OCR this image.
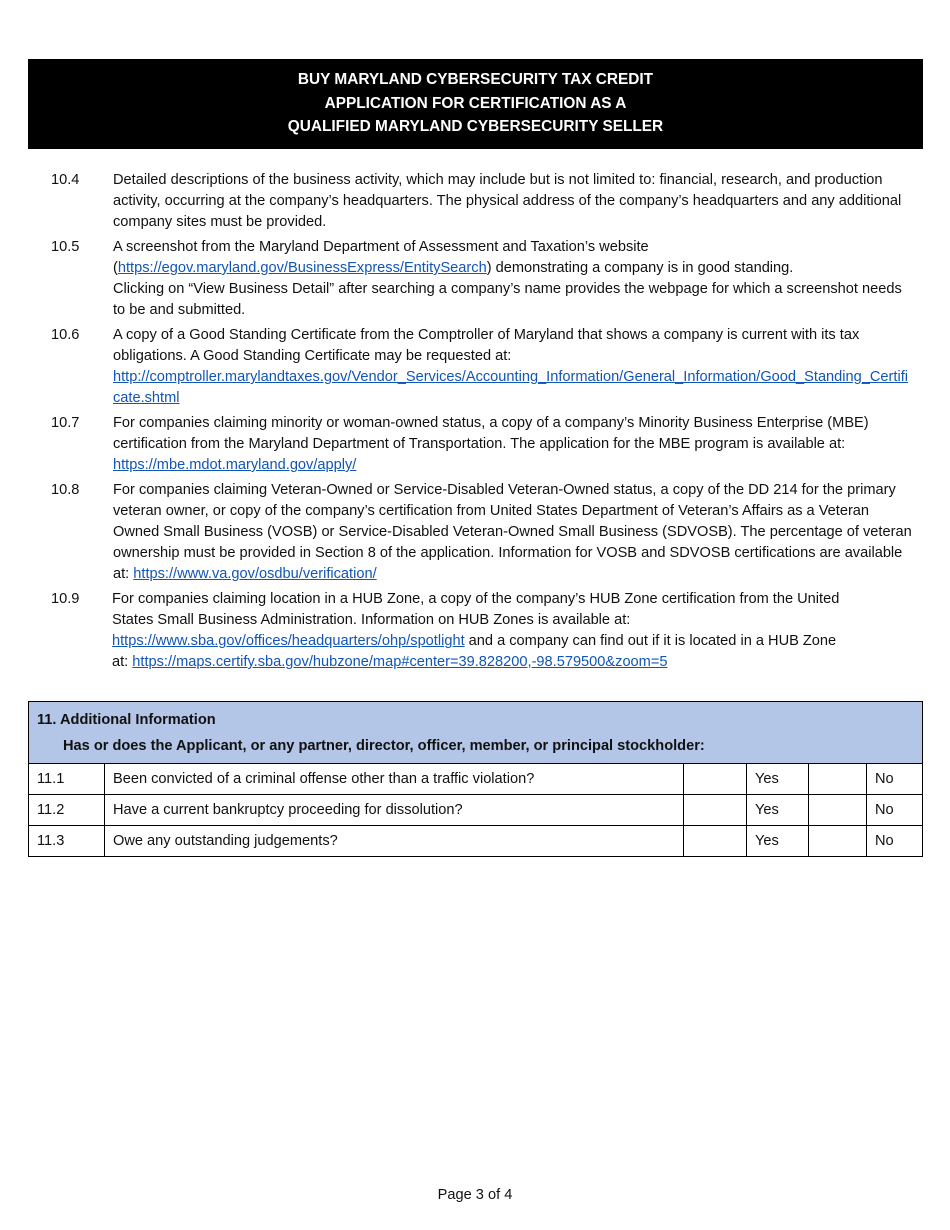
BUY MARYLAND CYBERSECURITY TAX CREDIT
APPLICATION FOR CERTIFICATION AS A
QUALIFIED MARYLAND CYBERSECURITY SELLER
10.4 Detailed descriptions of the business activity, which may include but is not limited to: financial, research, and production activity, occurring at the company’s headquarters. The physical address of the company’s headquarters and any additional company sites must be provided.
10.5 A screenshot from the Maryland Department of Assessment and Taxation’s website (https://egov.maryland.gov/BusinessExpress/EntitySearch) demonstrating a company is in good standing.
Clicking on “View Business Detail” after searching a company’s name provides the webpage for which a screenshot needs to be and submitted.
10.6 A copy of a Good Standing Certificate from the Comptroller of Maryland that shows a company is current with its tax obligations. A Good Standing Certificate may be requested at:
http://comptroller.marylandtaxes.gov/Vendor_Services/Accounting_Information/General_Information/Good_Standing_Certificate.shtml
10.7 For companies claiming minority or woman-owned status, a copy of a company’s Minority Business Enterprise (MBE) certification from the Maryland Department of Transportation. The application for the MBE program is available at: https://mbe.mdot.maryland.gov/apply/
10.8 For companies claiming Veteran-Owned or Service-Disabled Veteran-Owned status, a copy of the DD 214 for the primary veteran owner, or copy of the company’s certification from United States Department of Veteran’s Affairs as a Veteran Owned Small Business (VOSB) or Service-Disabled Veteran-Owned Small Business (SDVOSB). The percentage of veteran ownership must be provided in Section 8 of the application. Information for VOSB and SDVOSB certifications are available at: https://www.va.gov/osdbu/verification/
10.9 For companies claiming location in a HUB Zone, a copy of the company’s HUB Zone certification from the United States Small Business Administration. Information on HUB Zones is available at:
https://www.sba.gov/offices/headquarters/ohp/spotlight and a company can find out if it is located in a HUB Zone at: https://maps.certify.sba.gov/hubzone/map#center=39.828200,-98.579500&zoom=5
11. Additional Information
Has or does the Applicant, or any partner, director, officer, member, or principal stockholder:					

11.1	Been convicted of a criminal offense other than a traffic violation?		Yes		No
11.2	Have a current bankruptcy proceeding for dissolution?		Yes		No
11.3	Owe any outstanding judgements?		Yes		No
Page 3 of 4
